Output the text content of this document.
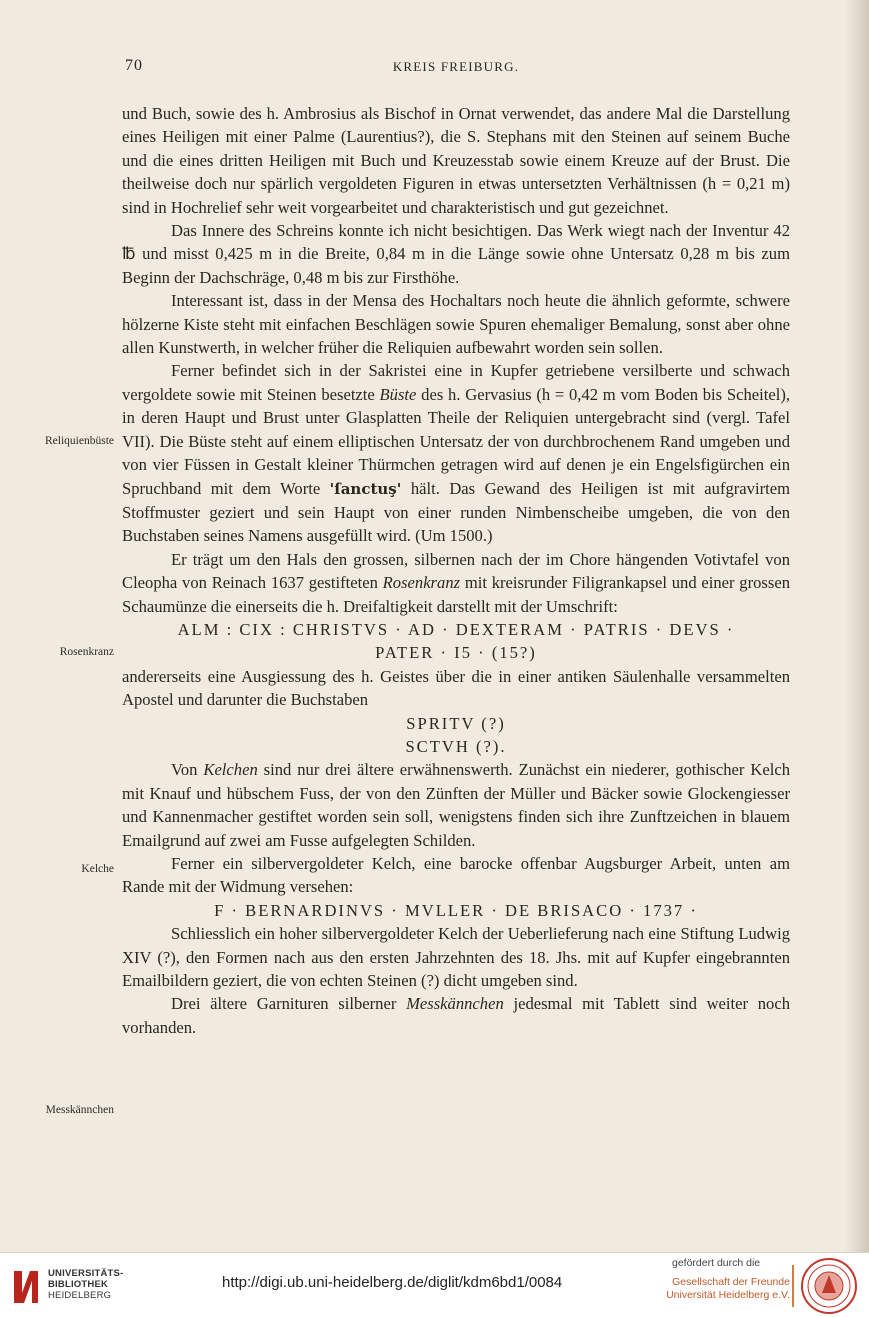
70	KREIS FREIBURG.
Reliquienbüste
Rosenkranz
Kelche
Messkännchen

und Buch, sowie des h. Ambrosius als Bischof in Ornat verwendet, das andere Mal die Darstellung eines Heiligen mit einer Palme (Laurentius?), die S. Stephans mit den Steinen auf seinem Buche und die eines dritten Heiligen mit Buch und Kreuzesstab sowie einem Kreuze auf der Brust. Die theilweise doch nur spärlich vergoldeten Figuren in etwas untersetzten Verhältnissen (h = 0,21 m) sind in Hochrelief sehr weit vorgearbeitet und charakteristisch und gut gezeichnet.

Das Innere des Schreins konnte ich nicht besichtigen. Das Werk wiegt nach der Inventur 42 ℔ und misst 0,425 m in die Breite, 0,84 m in die Länge sowie ohne Untersatz 0,28 m bis zum Beginn der Dachschräge, 0,48 m bis zur Firsthöhe.

Interessant ist, dass in der Mensa des Hochaltars noch heute die ähnlich geformte, schwere hölzerne Kiste steht mit einfachen Beschlägen sowie Spuren ehemaliger Bemalung, sonst aber ohne allen Kunstwerth, in welcher früher die Reliquien aufbewahrt worden sein sollen.

Ferner befindet sich in der Sakristei eine in Kupfer getriebene versilberte und schwach vergoldete sowie mit Steinen besetzte Büste des h. Gervasius (h = 0,42 m vom Boden bis Scheitel), in deren Haupt und Brust unter Glasplatten Theile der Reliquien untergebracht sind (vergl. Tafel VII). Die Büste steht auf einem elliptischen Untersatz der von durchbrochenem Rand umgeben und von vier Füssen in Gestalt kleiner Thürmchen getragen wird auf denen je ein Engelsfigürchen ein Spruchband mit dem Worte 'ſanctuş' hält. Das Gewand des Heiligen ist mit aufgravirtem Stoffmuster geziert und sein Haupt von einer runden Nimbenscheibe umgeben, die von den Buchstaben seines Namens ausgefüllt wird. (Um 1500.)

Er trägt um den Hals den grossen, silbernen nach der im Chore hängenden Votivtafel von Cleopha von Reinach 1637 gestifteten Rosenkranz mit kreisrunder Filigrankapsel und einer grossen Schaumünze die einerseits die h. Dreifaltigkeit darstellt mit der Umschrift:

ALM : CIX : CHRISTVS · AD · DEXTERAM · PATRIS · DEVS ·

PATER · I5 · (15?)

andererseits eine Ausgiessung des h. Geistes über die in einer antiken Säulenhalle versammelten Apostel und darunter die Buchstaben

SPRITV (?)

SCTVH (?).

Von Kelchen sind nur drei ältere erwähnenswerth. Zunächst ein niederer, gothischer Kelch mit Knauf und hübschem Fuss, der von den Zünften der Müller und Bäcker sowie Glockengiesser und Kannenmacher gestiftet worden sein soll, wenigstens finden sich ihre Zunftzeichen in blauem Emailgrund auf zwei am Fusse aufgelegten Schilden.

Ferner ein silbervergoldeter Kelch, eine barocke offenbar Augsburger Arbeit, unten am Rande mit der Widmung versehen:

F · BERNARDINVS · MVLLER · DE BRISACO · 1737 ·

Schliesslich ein hoher silbervergoldeter Kelch der Ueberlieferung nach eine Stiftung Ludwig XIV (?), den Formen nach aus den ersten Jahrzehnten des 18. Jhs. mit auf Kupfer eingebrannten Emailbildern geziert, die von echten Steinen (?) dicht umgeben sind.

Drei ältere Garnituren silberner Messkännchen jedesmal mit Tablett sind weiter noch vorhanden.

UNIVERSITÄTS-
BIBLIOTHEK
HEIDELBERG
http://digi.ub.uni-heidelberg.de/diglit/kdm6bd1/0084
gefördert durch die
Gesellschaft der Freunde
Universität Heidelberg e.V.
